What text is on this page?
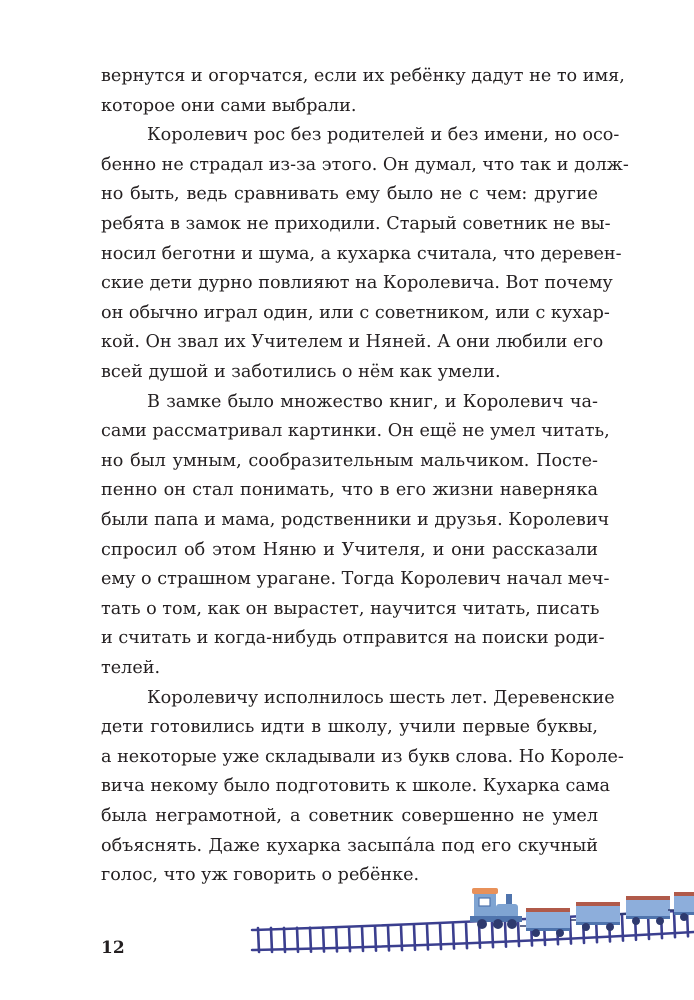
вернутся и огорчатся, если их ребёнку дадут не то имя,
которое они сами выбрали.
Королевич рос без родителей и без имени, но осо-
бенно не страдал из-за этого. Он думал, что так и долж-
но быть, ведь сравнивать ему было не с чем: другие
ребята в замок не приходили. Старый советник не вы-
носил беготни и шума, а кухарка считала, что деревен-
ские дети дурно повлияют на Королевича. Вот почему
он обычно играл один, или с советником, или с кухар-
кой. Он звал их Учителем и Няней. А они любили его
всей душой и заботились о нём как умели.
В замке было множество книг, и Королевич ча-
сами рассматривал картинки. Он ещё не умел читать,
но был умным, сообразительным мальчиком. Посте-
пенно он стал понимать, что в его жизни наверняка
были папа и мама, родственники и друзья. Королевич
спросил об этом Няню и Учителя, и они рассказали
ему о страшном урагане. Тогда Королевич начал меч-
тать о том, как он вырастет, научится читать, писать
и считать и когда-нибудь отправится на поиски роди-
телей.
Королевичу исполнилось шесть лет. Деревенские
дети готовились идти в школу, учили первые буквы,
а некоторые уже складывали из букв слова. Но Короле-
вича некому было подготовить к школе. Кухарка сама
была неграмотной, а советник совершенно не умел
объяснять. Даже кухарка засыпáла под его скучный
голос, что уж говорить о ребёнке.
12
